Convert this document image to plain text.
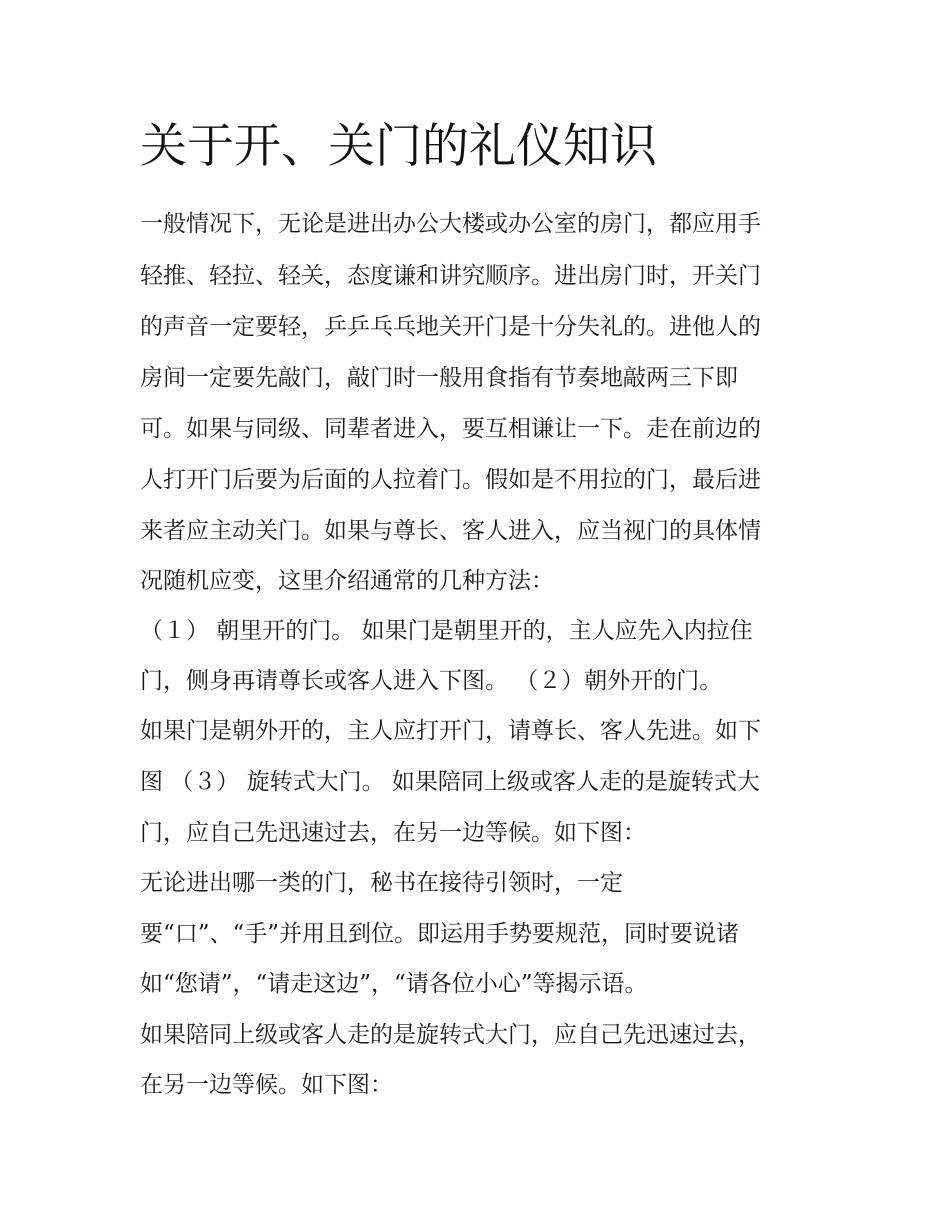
关于开、关门的礼仪知识

一般情况下，无论是进出办公大楼或办公室的房门，都应用手

轻推、轻拉、轻关，态度谦和讲究顺序。进出房门时，开关门

的声音一定要轻，乒乒乓乓地关开门是十分失礼的。进他人的

房间一定要先敲门，敲门时一般用食指有节奏地敲两三下即

可。如果与同级、同辈者进入，要互相谦让一下。走在前边的

人打开门后要为后面的人拉着门。假如是不用拉的门，最后进

来者应主动关门。如果与尊长、客人进入，应当视门的具体情

况随机应变，这里介绍通常的几种方法：

（１） 朝里开的门。 如果门是朝里开的，主人应先入内拉住

门，侧身再请尊长或客人进入下图。 （２）朝外开的门。

如果门是朝外开的，主人应打开门，请尊长、客人先进。如下

图 （３） 旋转式大门。 如果陪同上级或客人走的是旋转式大

门，应自己先迅速过去，在另一边等候。如下图：

无论进出哪一类的门，秘书在接待引领时，一定

要“口”、“手”并用且到位。即运用手势要规范，同时要说诸

如“您请”，“请走这边”，“请各位小心”等揭示语。

如果陪同上级或客人走的是旋转式大门，应自己先迅速过去，

在另一边等候。如下图：
